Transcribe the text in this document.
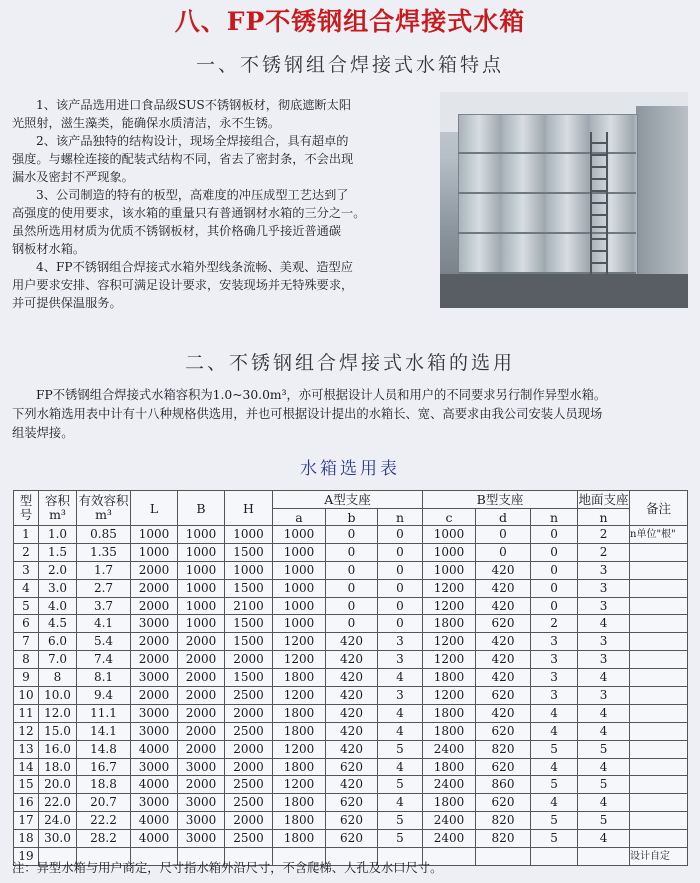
八、FP不锈钢组合焊接式水箱
一、不锈钢组合焊接式水箱特点
1、该产品选用进口食品级SUS不锈钢板材，彻底遮断太阳
光照射，滋生藻类，能确保水质清洁，永不生锈。
2、该产品独特的结构设计，现场全焊接组合，具有超卓的
强度。与螺栓连接的配装式结构不同，省去了密封条，不会出现
漏水及密封不严现象。
3、公司制造的特有的板型，高难度的冲压成型工艺达到了
高强度的使用要求，该水箱的重量只有普通钢材水箱的三分之一。
虽然所选用材质为优质不锈钢板材，其价格确几乎接近普通碳
钢板材水箱。
4、FP不锈钢组合焊接式水箱外型线条流畅、美观、造型应
用户要求安排、容积可满足设计要求，安装现场并无特殊要求，
并可提供保温服务。
二、不锈钢组合焊接式水箱的选用
FP不锈钢组合焊接式水箱容积为1.0~30.0m³，亦可根据设计人员和用户的不同要求另行制作异型水箱。
下列水箱选用表中计有十八种规格供选用，并也可根据设计提出的水箱长、宽、高要求由我公司安装人员现场
组装焊接。
水箱选用表
型号	容积m³	有效容积m³	L	B	H	A型支座			B型支座			地面支座	备注
						a	b	n	c	d	n	n	
1	1.0	0.85	1000	1000	1000	1000	0	0	1000	0	0	2	n单位"根"
2	1.5	1.35	1000	1000	1500	1000	0	0	1000	0	0	2	
3	2.0	1.7	2000	1000	1000	1000	0	0	1000	420	0	3	
4	3.0	2.7	2000	1000	1500	1000	0	0	1200	420	0	3	
5	4.0	3.7	2000	1000	2100	1000	0	0	1200	420	0	3	
6	4.5	4.1	3000	1000	1500	1000	0	0	1800	620	2	4	
7	6.0	5.4	2000	2000	1500	1200	420	3	1200	420	3	3	
8	7.0	7.4	2000	2000	2000	1200	420	3	1200	420	3	3	
9	8	8.1	3000	2000	1500	1800	420	4	1800	420	3	4	
10	10.0	9.4	2000	2000	2500	1200	420	3	1200	620	3	3	
11	12.0	11.1	3000	2000	2000	1800	420	4	1800	420	4	4	
12	15.0	14.1	3000	2000	2500	1800	420	4	1800	620	4	4	
13	16.0	14.8	4000	2000	2000	1200	420	5	2400	820	5	5	
14	18.0	16.7	3000	3000	2000	1800	620	4	1800	620	4	4	
15	20.0	18.8	4000	2000	2500	1200	420	5	2400	860	5	5	
16	22.0	20.7	3000	3000	2500	1800	620	4	1800	620	4	4	
17	24.0	22.2	4000	3000	2000	1800	620	5	2400	820	5	5	
18	30.0	28.2	4000	3000	2500	1800	620	5	2400	820	5	4	
19													设计自定
注：异型水箱与用户商定，尺寸指水箱外沿尺寸，不含爬梯、人孔及水口尺寸。
